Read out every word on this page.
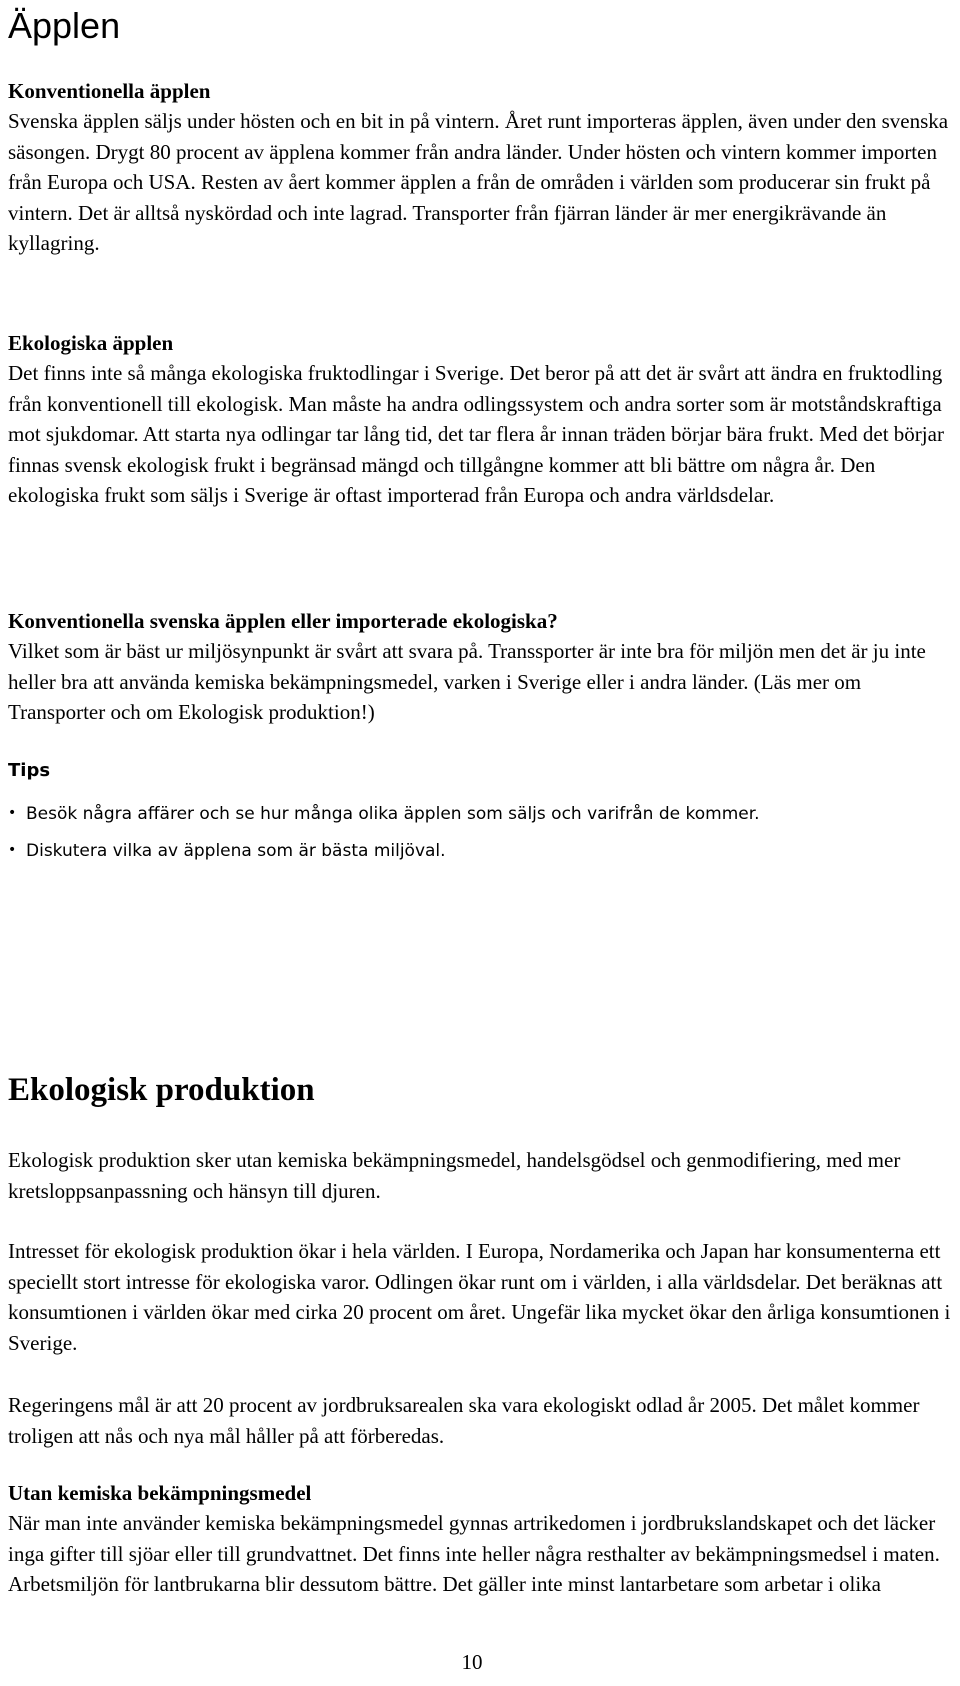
Äpplen
Konventionella äpplen

Svenska äpplen säljs under hösten och en bit in på vintern. Året runt importeras äpplen, även under den svenska säsongen. Drygt 80 procent av äpplena kommer från andra länder. Under hösten och vintern kommer importen från Europa och USA. Resten av åert kommer äpplen a från de områden i världen som producerar sin frukt på vintern. Det är alltså nyskördad och inte lagrad. Transporter från fjärran länder är mer energikrävande än kyllagring.

Ekologiska äpplen

Det finns inte så många ekologiska fruktodlingar i Sverige. Det beror på att det är svårt att ändra en fruktodling från konventionell till ekologisk. Man måste ha andra odlingssystem och andra sorter som är motståndskraftiga mot sjukdomar. Att starta nya odlingar tar lång tid, det tar flera år innan träden börjar bära frukt. Med det börjar finnas svensk ekologisk frukt i begränsad mängd och tillgångne kommer att bli bättre om några år. Den ekologiska frukt som säljs i Sverige är oftast importerad från Europa och andra världsdelar.

Konventionella svenska äpplen eller importerade ekologiska?

Vilket som är bäst ur miljösynpunkt är svårt att svara på. Transsporter är inte bra för miljön men det är ju inte heller bra att använda kemiska bekämpningsmedel, varken i Sverige eller i andra länder. (Läs mer om Transporter och om Ekologisk produktion!)

Tips
• Besök några affärer och se hur många olika äpplen som säljs och varifrån de kommer.
• Diskutera vilka av äpplena som är bästa miljöval.
Ekologisk produktion

Ekologisk produktion sker utan kemiska bekämpningsmedel, handelsgödsel och genmodifiering, med mer kretsloppsanpassning och hänsyn till djuren.

Intresset för ekologisk produktion ökar i hela världen. I Europa, Nordamerika och Japan har konsumenterna ett speciellt stort intresse för ekologiska varor. Odlingen ökar runt om i världen, i alla världsdelar. Det beräknas att konsumtionen i världen ökar med cirka 20 procent om året. Ungefär lika mycket ökar den årliga konsumtionen i Sverige.

Regeringens mål är att 20 procent av jordbruksarealen ska vara ekologiskt odlad år 2005. Det målet kommer troligen att nås och nya mål håller på att förberedas.

Utan kemiska bekämpningsmedel

När man inte använder kemiska bekämpningsmedel gynnas artrikedomen i jordbrukslandskapet och det läcker inga gifter till sjöar eller till grundvattnet. Det finns inte heller några resthalter av bekämpningsmedsel i maten. Arbetsmiljön för lantbrukarna blir dessutom bättre. Det gäller inte minst lantarbetare som arbetar i olika

10
